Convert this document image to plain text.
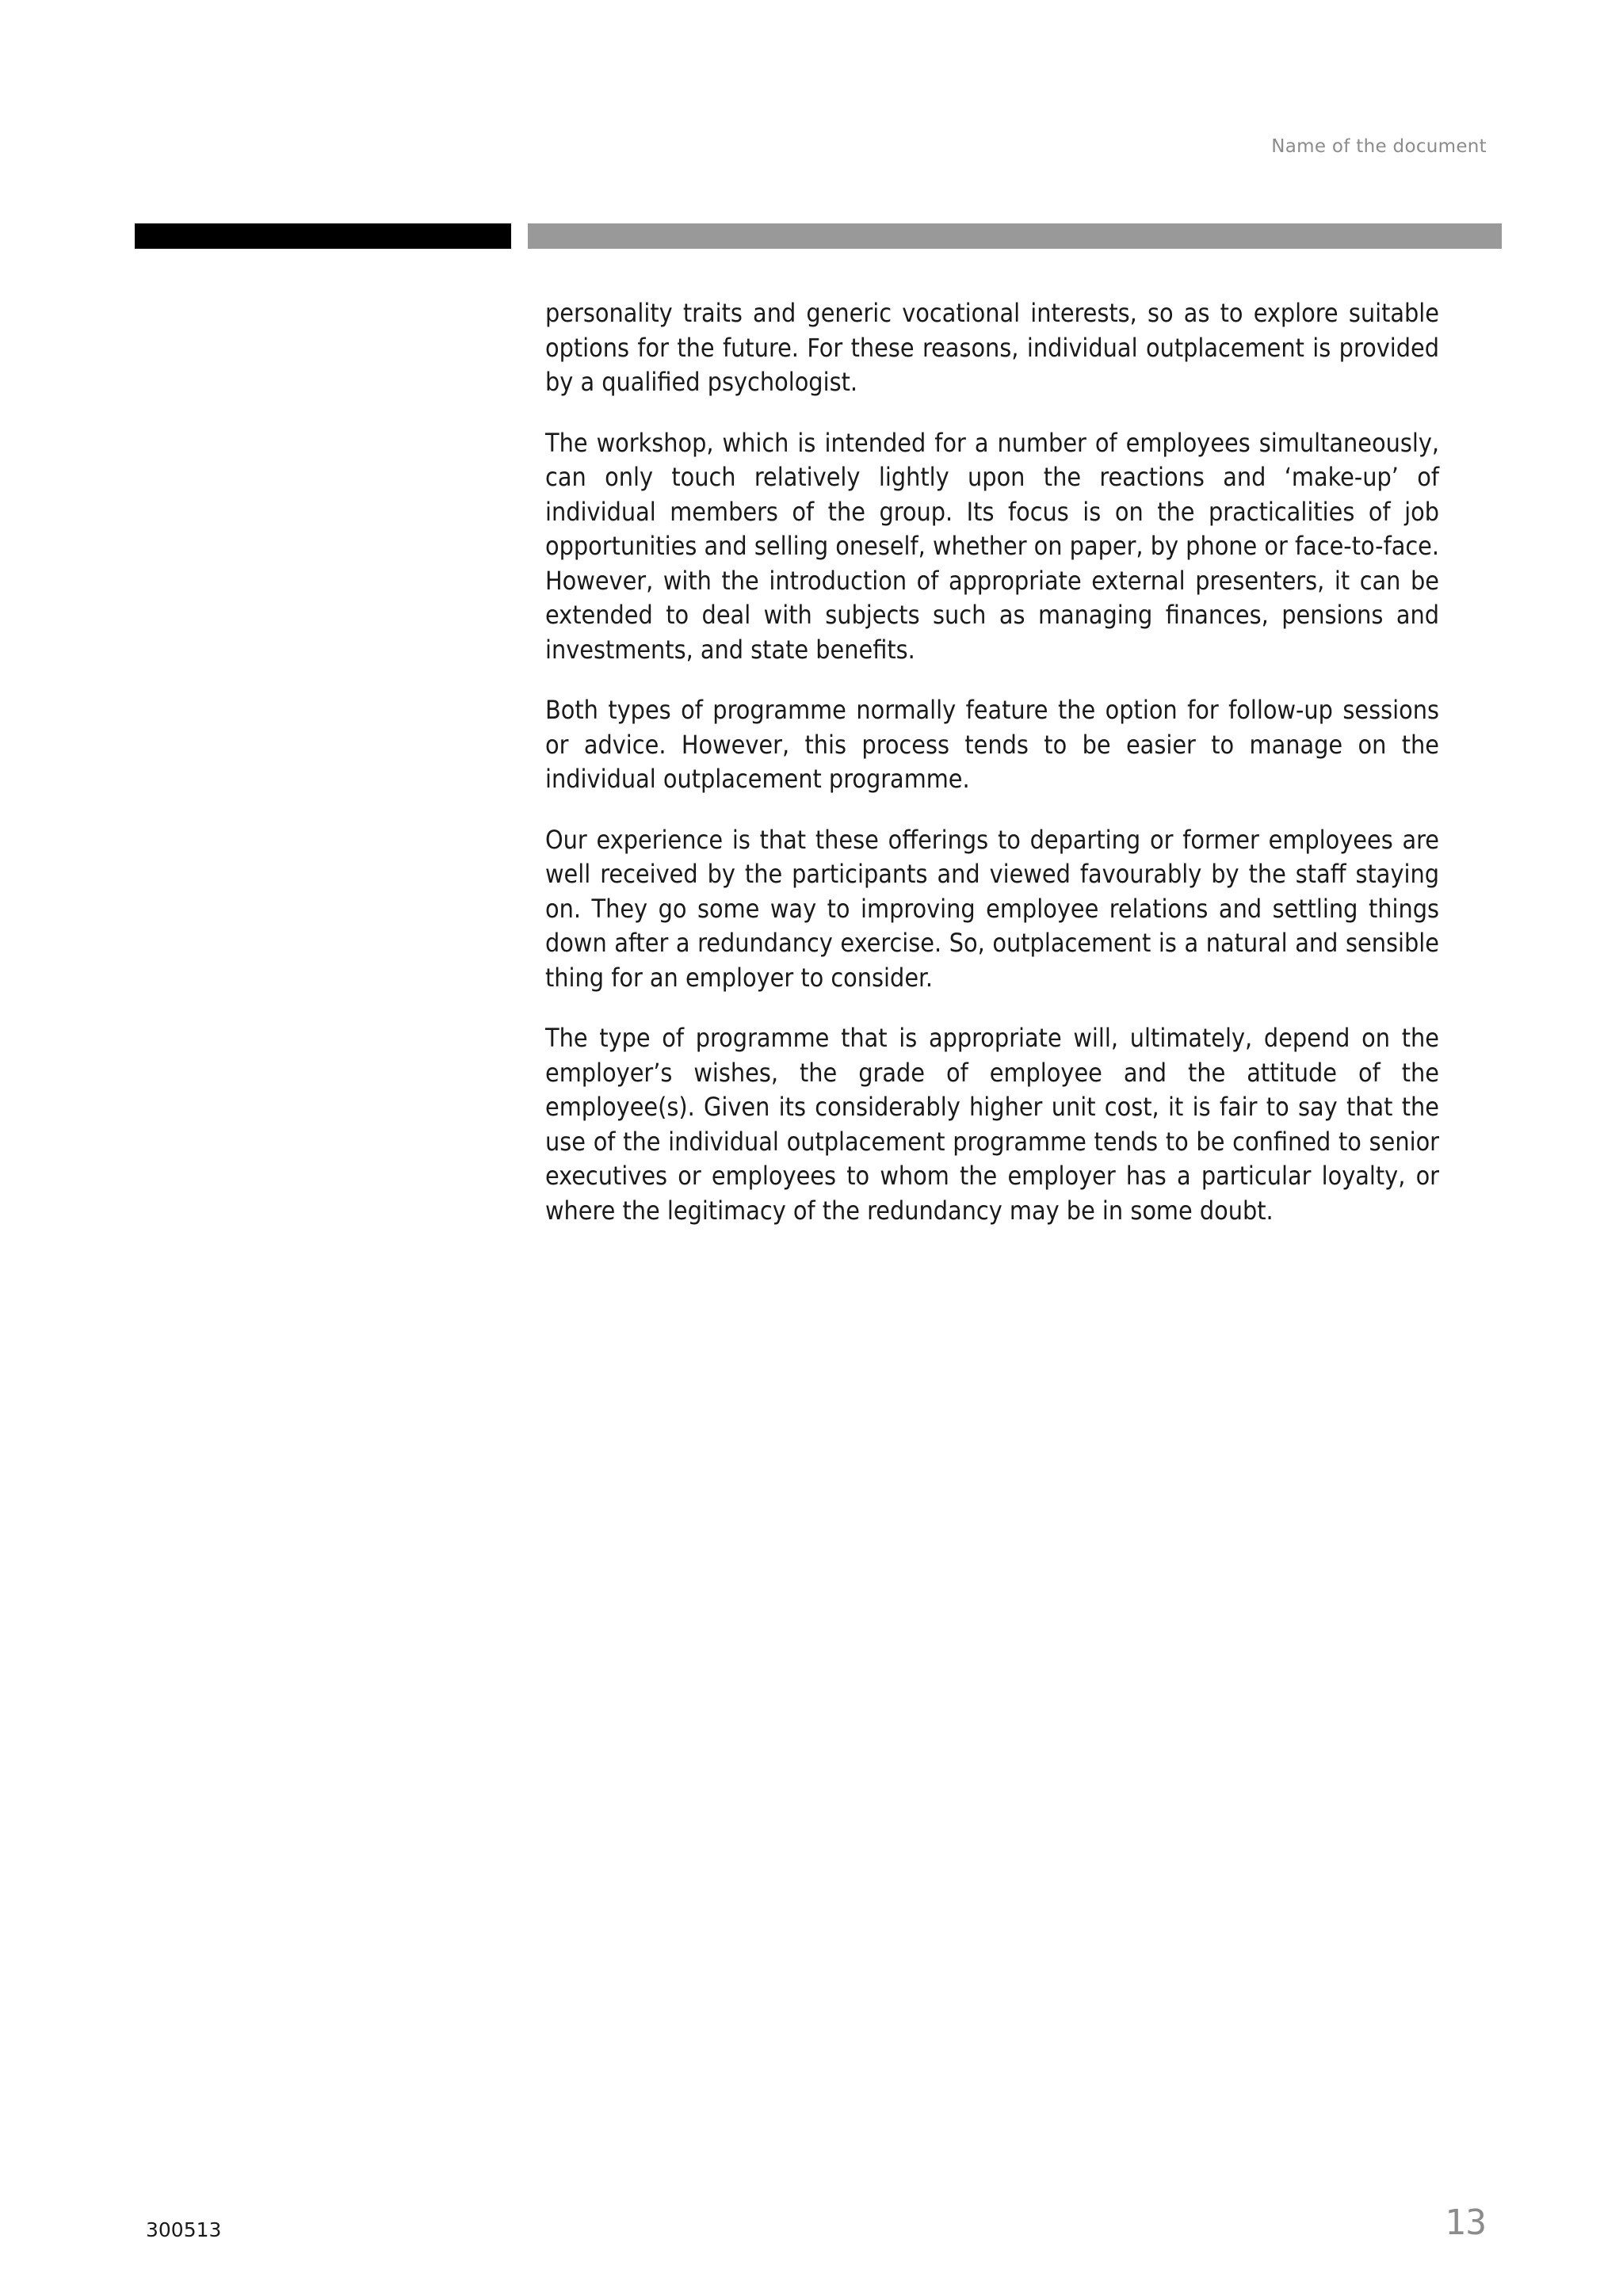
Name of the document

personality traits and generic vocational interests, so as to explore suitable options for the future. For these reasons, individual outplacement is provided by a qualified psychologist.

The workshop, which is intended for a number of employees simultaneously, can only touch relatively lightly upon the reactions and ‘make-up’ of individual members of the group. Its focus is on the practicalities of job opportunities and selling oneself, whether on paper, by phone or face-to-face. However, with the introduction of appropriate external presenters, it can be extended to deal with subjects such as managing finances, pensions and investments, and state benefits.

Both types of programme normally feature the option for follow-up sessions or advice. However, this process tends to be easier to manage on the individual outplacement programme.

Our experience is that these offerings to departing or former employees are well received by the participants and viewed favourably by the staff staying on. They go some way to improving employee relations and settling things down after a redundancy exercise. So, outplacement is a natural and sensible thing for an employer to consider.

The type of programme that is appropriate will, ultimately, depend on the employer’s wishes, the grade of employee and the attitude of the employee(s). Given its considerably higher unit cost, it is fair to say that the use of the individual outplacement programme tends to be confined to senior executives or employees to whom the employer has a particular loyalty, or where the legitimacy of the redundancy may be in some doubt.

300513	13
